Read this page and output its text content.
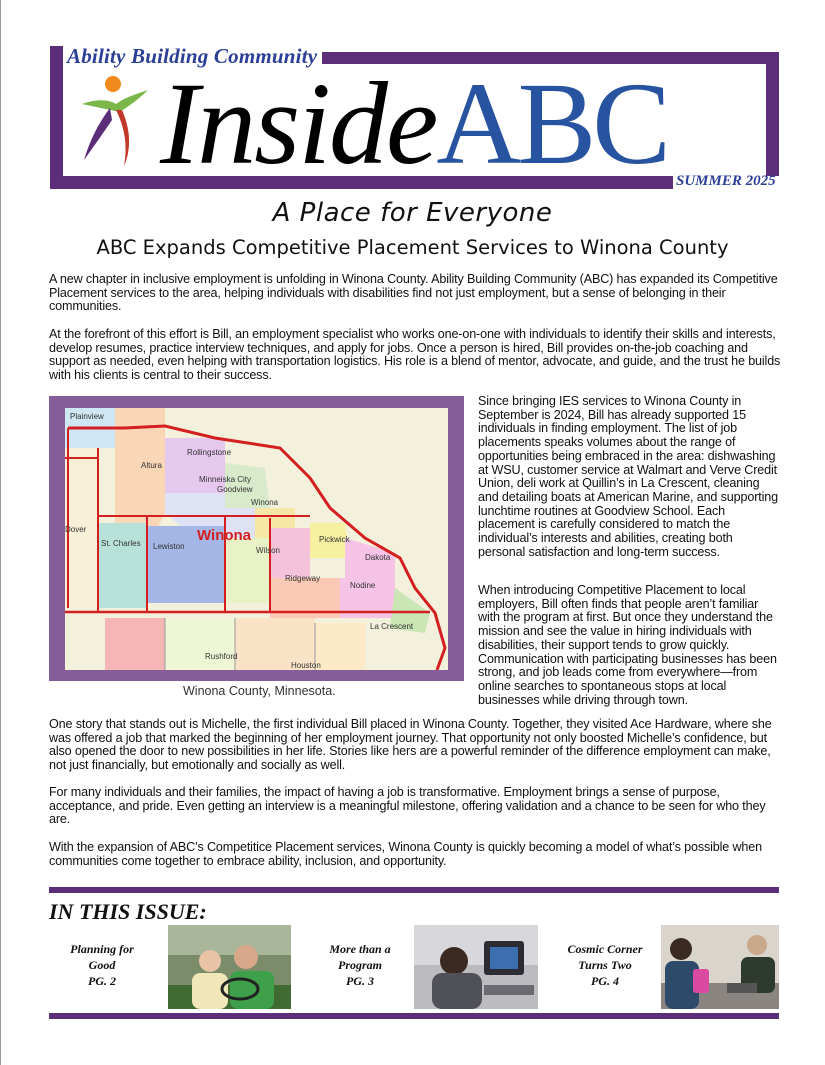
Ability Building Community
InsideABC SUMMER 2025
A Place for Everyone
ABC Expands Competitive Placement Services to Winona County

A new chapter in inclusive employment is unfolding in Winona County. Ability Building Community (ABC) has expanded its Competitive Placement services to the area, helping individuals with disabilities find not just employment, but a sense of belonging in their communities.

At the forefront of this effort is Bill, an employment specialist who works one-on-one with individuals to identify their skills and interests, develop resumes, practice interview techniques, and apply for jobs. Once a person is hired, Bill provides on-the-job coaching and support as needed, even helping with transportation logistics. His role is a blend of mentor, advocate, and guide, and the trust he builds with his clients is central to their success.

Since bringing IES services to Winona County in September is 2024, Bill has already supported 15 individuals in finding employment. The list of job placements speaks volumes about the range of opportunities being embraced in the area: dishwashing at WSU, customer service at Walmart and Verve Credit Union, deli work at Quillin’s in La Crescent, cleaning and detailing boats at American Marine, and supporting lunchtime routines at Goodview School. Each placement is carefully considered to match the individual’s interests and abilities, creating both personal satisfaction and long-term success.

When introducing Competitive Placement to local employers, Bill often finds that people aren’t familiar with the program at first. But once they understand the mission and see the value in hiring individuals with disabilities, their support tends to grow quickly. Communication with participating businesses has been strong, and job leads come from everywhere—from online searches to spontaneous stops at local businesses while driving through town.

One story that stands out is Michelle, the first individual Bill placed in Winona County. Together, they visited Ace Hardware, where she was offered a job that marked the beginning of her employment journey. That opportunity not only boosted Michelle’s confidence, but also opened the door to new possibilities in her life. Stories like hers are a powerful reminder of the difference employment can make, not just financially, but emotionally and socially as well.

For many individuals and their families, the impact of having a job is transformative. Employment brings a sense of purpose, acceptance, and pride. Even getting an interview is a meaningful milestone, offering validation and a chance to be seen for who they are.

With the expansion of ABC’s Competitice Placement services, Winona County is quickly becoming a model of what’s possible when communities come together to embrace ability, inclusion, and opportunity.

Plainview
Rollingstone
Altura
Minneiska City
Goodview
Winona
Lewiston
St. Charles
Dover
Wilson
Pickwick
Dakota
Ridgeway
Nodine
La Crescent
Rushford
Houston
Winona
Winona County, Minnesota.
IN THIS ISSUE:
Planning for
Good
PG. 2
More than a
Program
PG. 3
Cosmic Corner
Turns Two
PG. 4
